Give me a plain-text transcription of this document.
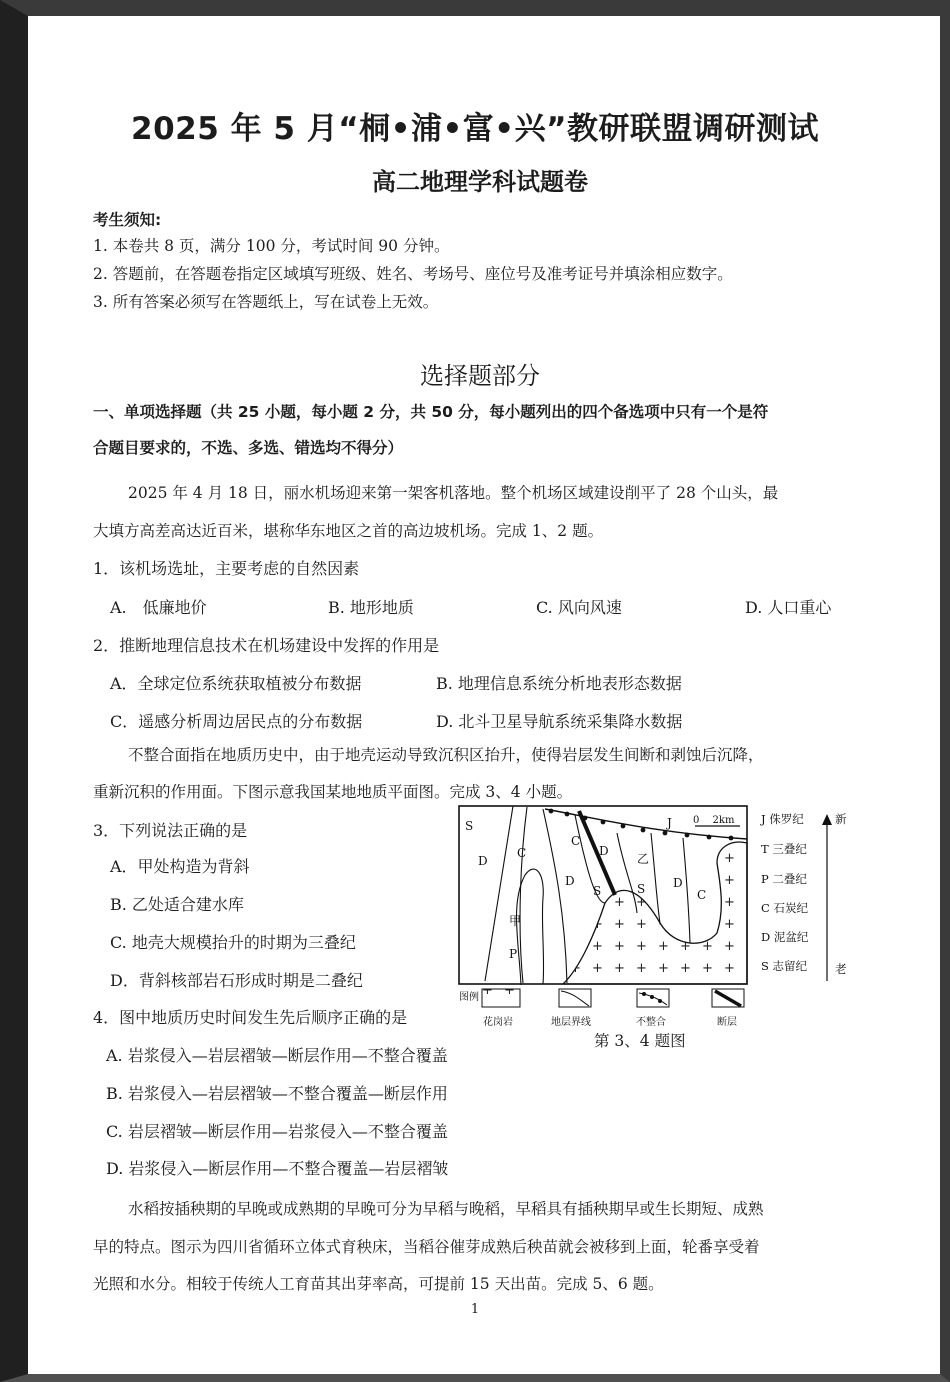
2025 年 5 月“桐•浦•富•兴”教研联盟调研测试
高二地理学科试题卷
考生须知:
1. 本卷共 8 页，满分 100 分，考试时间 90 分钟。
2. 答题前，在答题卷指定区域填写班级、姓名、考场号、座位号及准考证号并填涂相应数字。
3. 所有答案必须写在答题纸上，写在试卷上无效。
选择题部分
一、单项选择题（共 25 小题，每小题 2 分，共 50 分，每小题列出的四个备选项中只有一个是符
合题目要求的，不选、多选、错选均不得分）
2025 年 4 月 18 日，丽水机场迎来第一架客机落地。整个机场区域建设削平了 28 个山头，最
大填方高差高达近百米，堪称华东地区之首的高边坡机场。完成 1、2 题。
1．该机场选址，主要考虑的自然因素
A.　低廉地价	B. 地形地质	C. 风向风速	D. 人口重心
2．推断地理信息技术在机场建设中发挥的作用是
A．全球定位系统获取植被分布数据	B. 地理信息系统分析地表形态数据
C．遥感分析周边居民点的分布数据	D. 北斗卫星导航系统采集降水数据
不整合面指在地质历史中，由于地壳运动导致沉积区抬升，使得岩层发生间断和剥蚀后沉降，
重新沉积的作用面。下图示意我国某地地质平面图。完成 3、4 小题。
3．下列说法正确的是
A．甲处构造为背斜
B. 乙处适合建水库
C. 地壳大规模抬升的时期为三叠纪
D．背斜核部岩石形成时期是二叠纪
4．图中地质历史时间发生先后顺序正确的是
A. 岩浆侵入—岩层褶皱—断层作用—不整合覆盖
B. 岩浆侵入—岩层褶皱—不整合覆盖—断层作用
C. 岩层褶皱—断层作用—岩浆侵入—不整合覆盖
D. 岩浆侵入—断层作用—不整合覆盖—岩层褶皱
S
D
C
甲
P
C
D
S
J
D
乙
S D
C
0　 2km J 侏罗纪
T 三叠纪
P 二叠纪
C 石炭纪
D 泥盆纪
S 志留纪
新
老
图例
花岗岩	地层界线	不整合	断层
第 3、4 题图
水稻按插秧期的早晚或成熟期的早晚可分为早稻与晚稻，早稻具有插秧期早或生长期短、成熟
早的特点。图示为四川省循环立体式育秧床，当稻谷催芽成熟后秧苗就会被移到上面，轮番享受着
光照和水分。相较于传统人工育苗其出芽率高，可提前 15 天出苗。完成 5、6 题。
1
